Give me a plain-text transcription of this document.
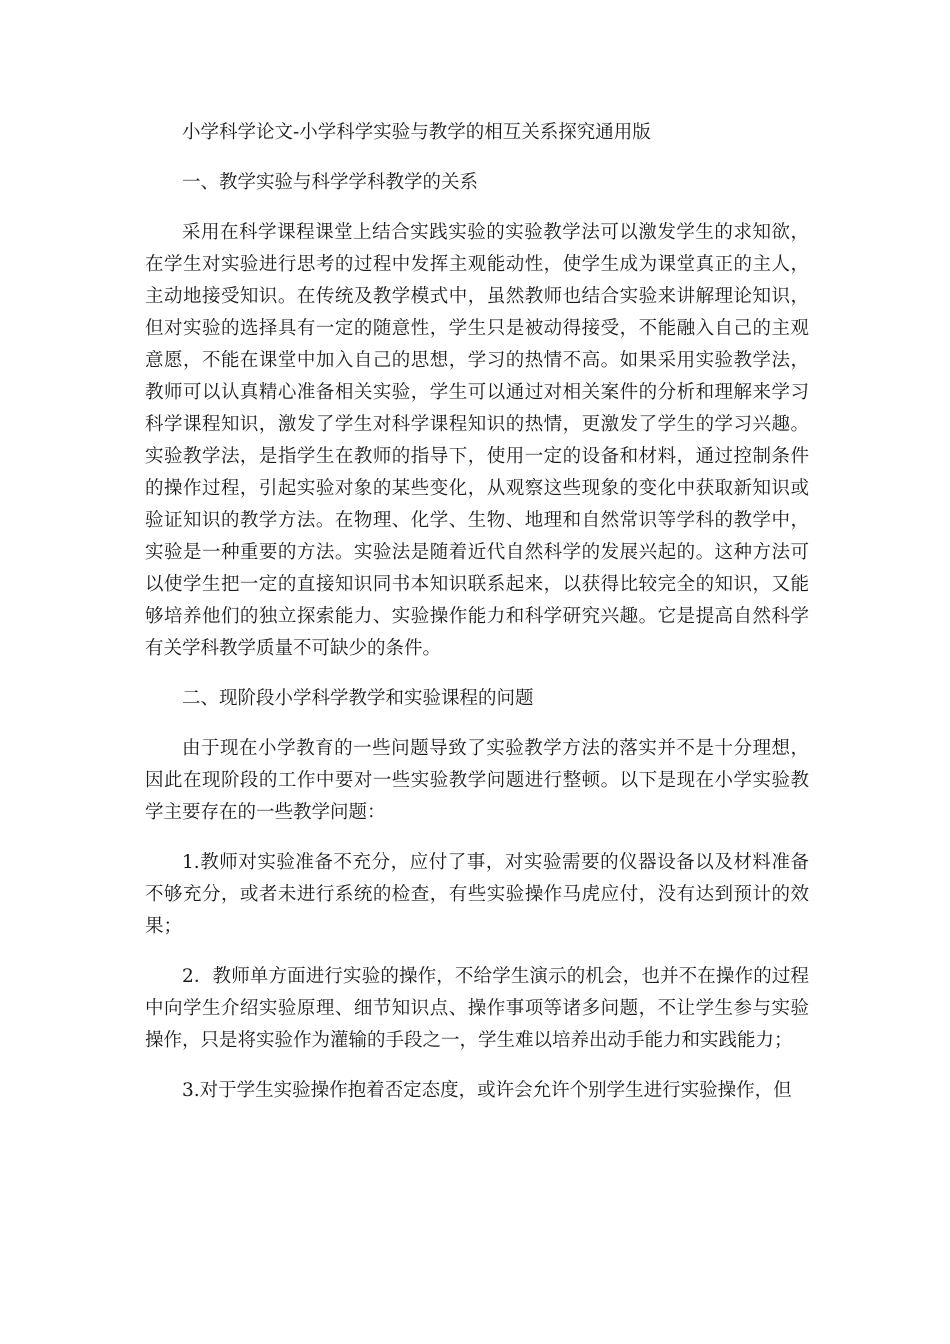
小学科学论文-小学科学实验与教学的相互关系探究通用版

一、教学实验与科学学科教学的关系

采用在科学课程课堂上结合实践实验的实验教学法可以激发学生的求知欲，在学生对实验进行思考的过程中发挥主观能动性，使学生成为课堂真正的主人，主动地接受知识。在传统及教学模式中，虽然教师也结合实验来讲解理论知识，但对实验的选择具有一定的随意性，学生只是被动得接受，不能融入自己的主观意愿，不能在课堂中加入自己的思想，学习的热情不高。如果采用实验教学法，教师可以认真精心准备相关实验，学生可以通过对相关案件的分析和理解来学习科学课程知识，激发了学生对科学课程知识的热情，更激发了学生的学习兴趣。实验教学法，是指学生在教师的指导下，使用一定的设备和材料，通过控制条件的操作过程，引起实验对象的某些变化，从观察这些现象的变化中获取新知识或验证知识的教学方法。在物理、化学、生物、地理和自然常识等学科的教学中，实验是一种重要的方法。实验法是随着近代自然科学的发展兴起的。这种方法可以使学生把一定的直接知识同书本知识联系起来，以获得比较完全的知识，又能够培养他们的独立探索能力、实验操作能力和科学研究兴趣。它是提高自然科学有关学科教学质量不可缺少的条件。

二、现阶段小学科学教学和实验课程的问题

由于现在小学教育的一些问题导致了实验教学方法的落实并不是十分理想，因此在现阶段的工作中要对一些实验教学问题进行整顿。以下是现在小学实验教学主要存在的一些教学问题：

1.教师对实验准备不充分，应付了事，对实验需要的仪器设备以及材料准备不够充分，或者未进行系统的检查，有些实验操作马虎应付，没有达到预计的效果；

2．教师单方面进行实验的操作，不给学生演示的机会，也并不在操作的过程中向学生介绍实验原理、细节知识点、操作事项等诸多问题，不让学生参与实验操作，只是将实验作为灌输的手段之一，学生难以培养出动手能力和实践能力；

3.对于学生实验操作抱着否定态度，或许会允许个别学生进行实验操作，但
